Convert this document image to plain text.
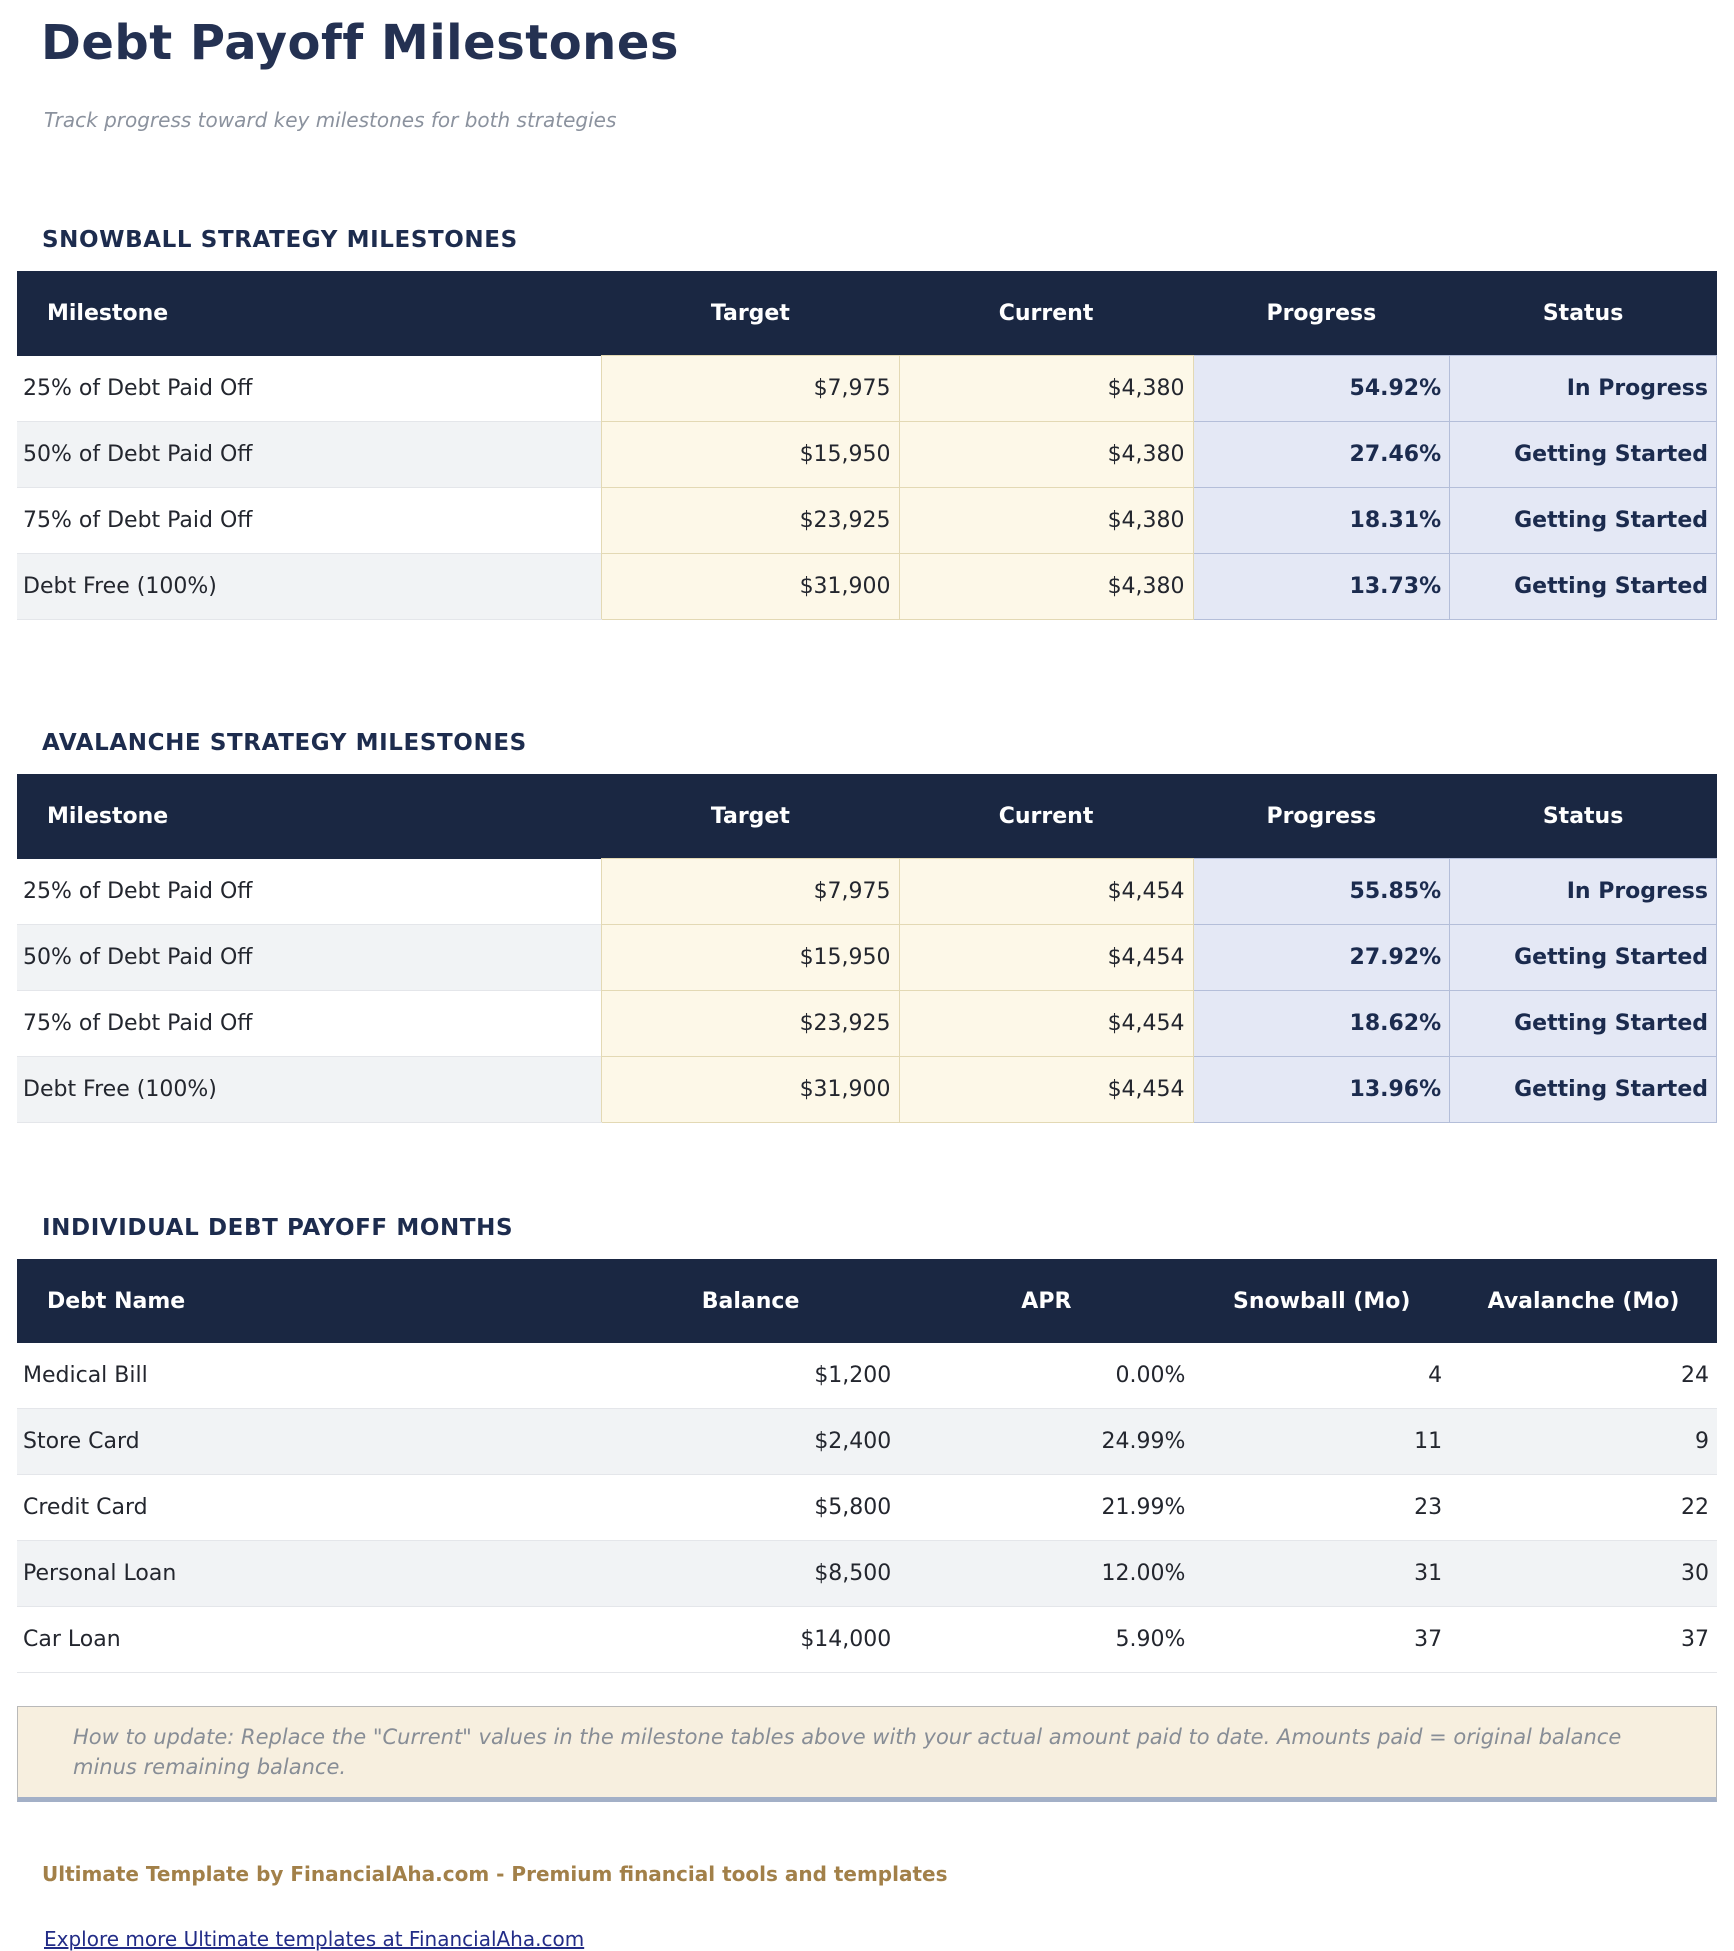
Debt Payoff Milestones

Track progress toward key milestones for both strategies

SNOWBALL STRATEGY MILESTONES
Milestone	Target	Current	Progress	Status
25% of Debt Paid Off	$7,975	$4,380	54.92%	In Progress
50% of Debt Paid Off	$15,950	$4,380	27.46%	Getting Started
75% of Debt Paid Off	$23,925	$4,380	18.31%	Getting Started
Debt Free (100%)	$31,900	$4,380	13.73%	Getting Started
AVALANCHE STRATEGY MILESTONES
Milestone	Target	Current	Progress	Status
25% of Debt Paid Off	$7,975	$4,454	55.85%	In Progress
50% of Debt Paid Off	$15,950	$4,454	27.92%	Getting Started
75% of Debt Paid Off	$23,925	$4,454	18.62%	Getting Started
Debt Free (100%)	$31,900	$4,454	13.96%	Getting Started
INDIVIDUAL DEBT PAYOFF MONTHS
Debt Name	Balance	APR	Snowball (Mo)	Avalanche (Mo)
Medical Bill	$1,200	0.00%	4	24
Store Card	$2,400	24.99%	11	9
Credit Card	$5,800	21.99%	23	22
Personal Loan	$8,500	12.00%	31	30
Car Loan	$14,000	5.90%	37	37
How to update: Replace the "Current" values in the milestone tables above with your actual amount paid to date. Amounts paid = original balance minus remaining balance.

Ultimate Template by FinancialAha.com - Premium financial tools and templates

Explore more Ultimate templates at FinancialAha.com
